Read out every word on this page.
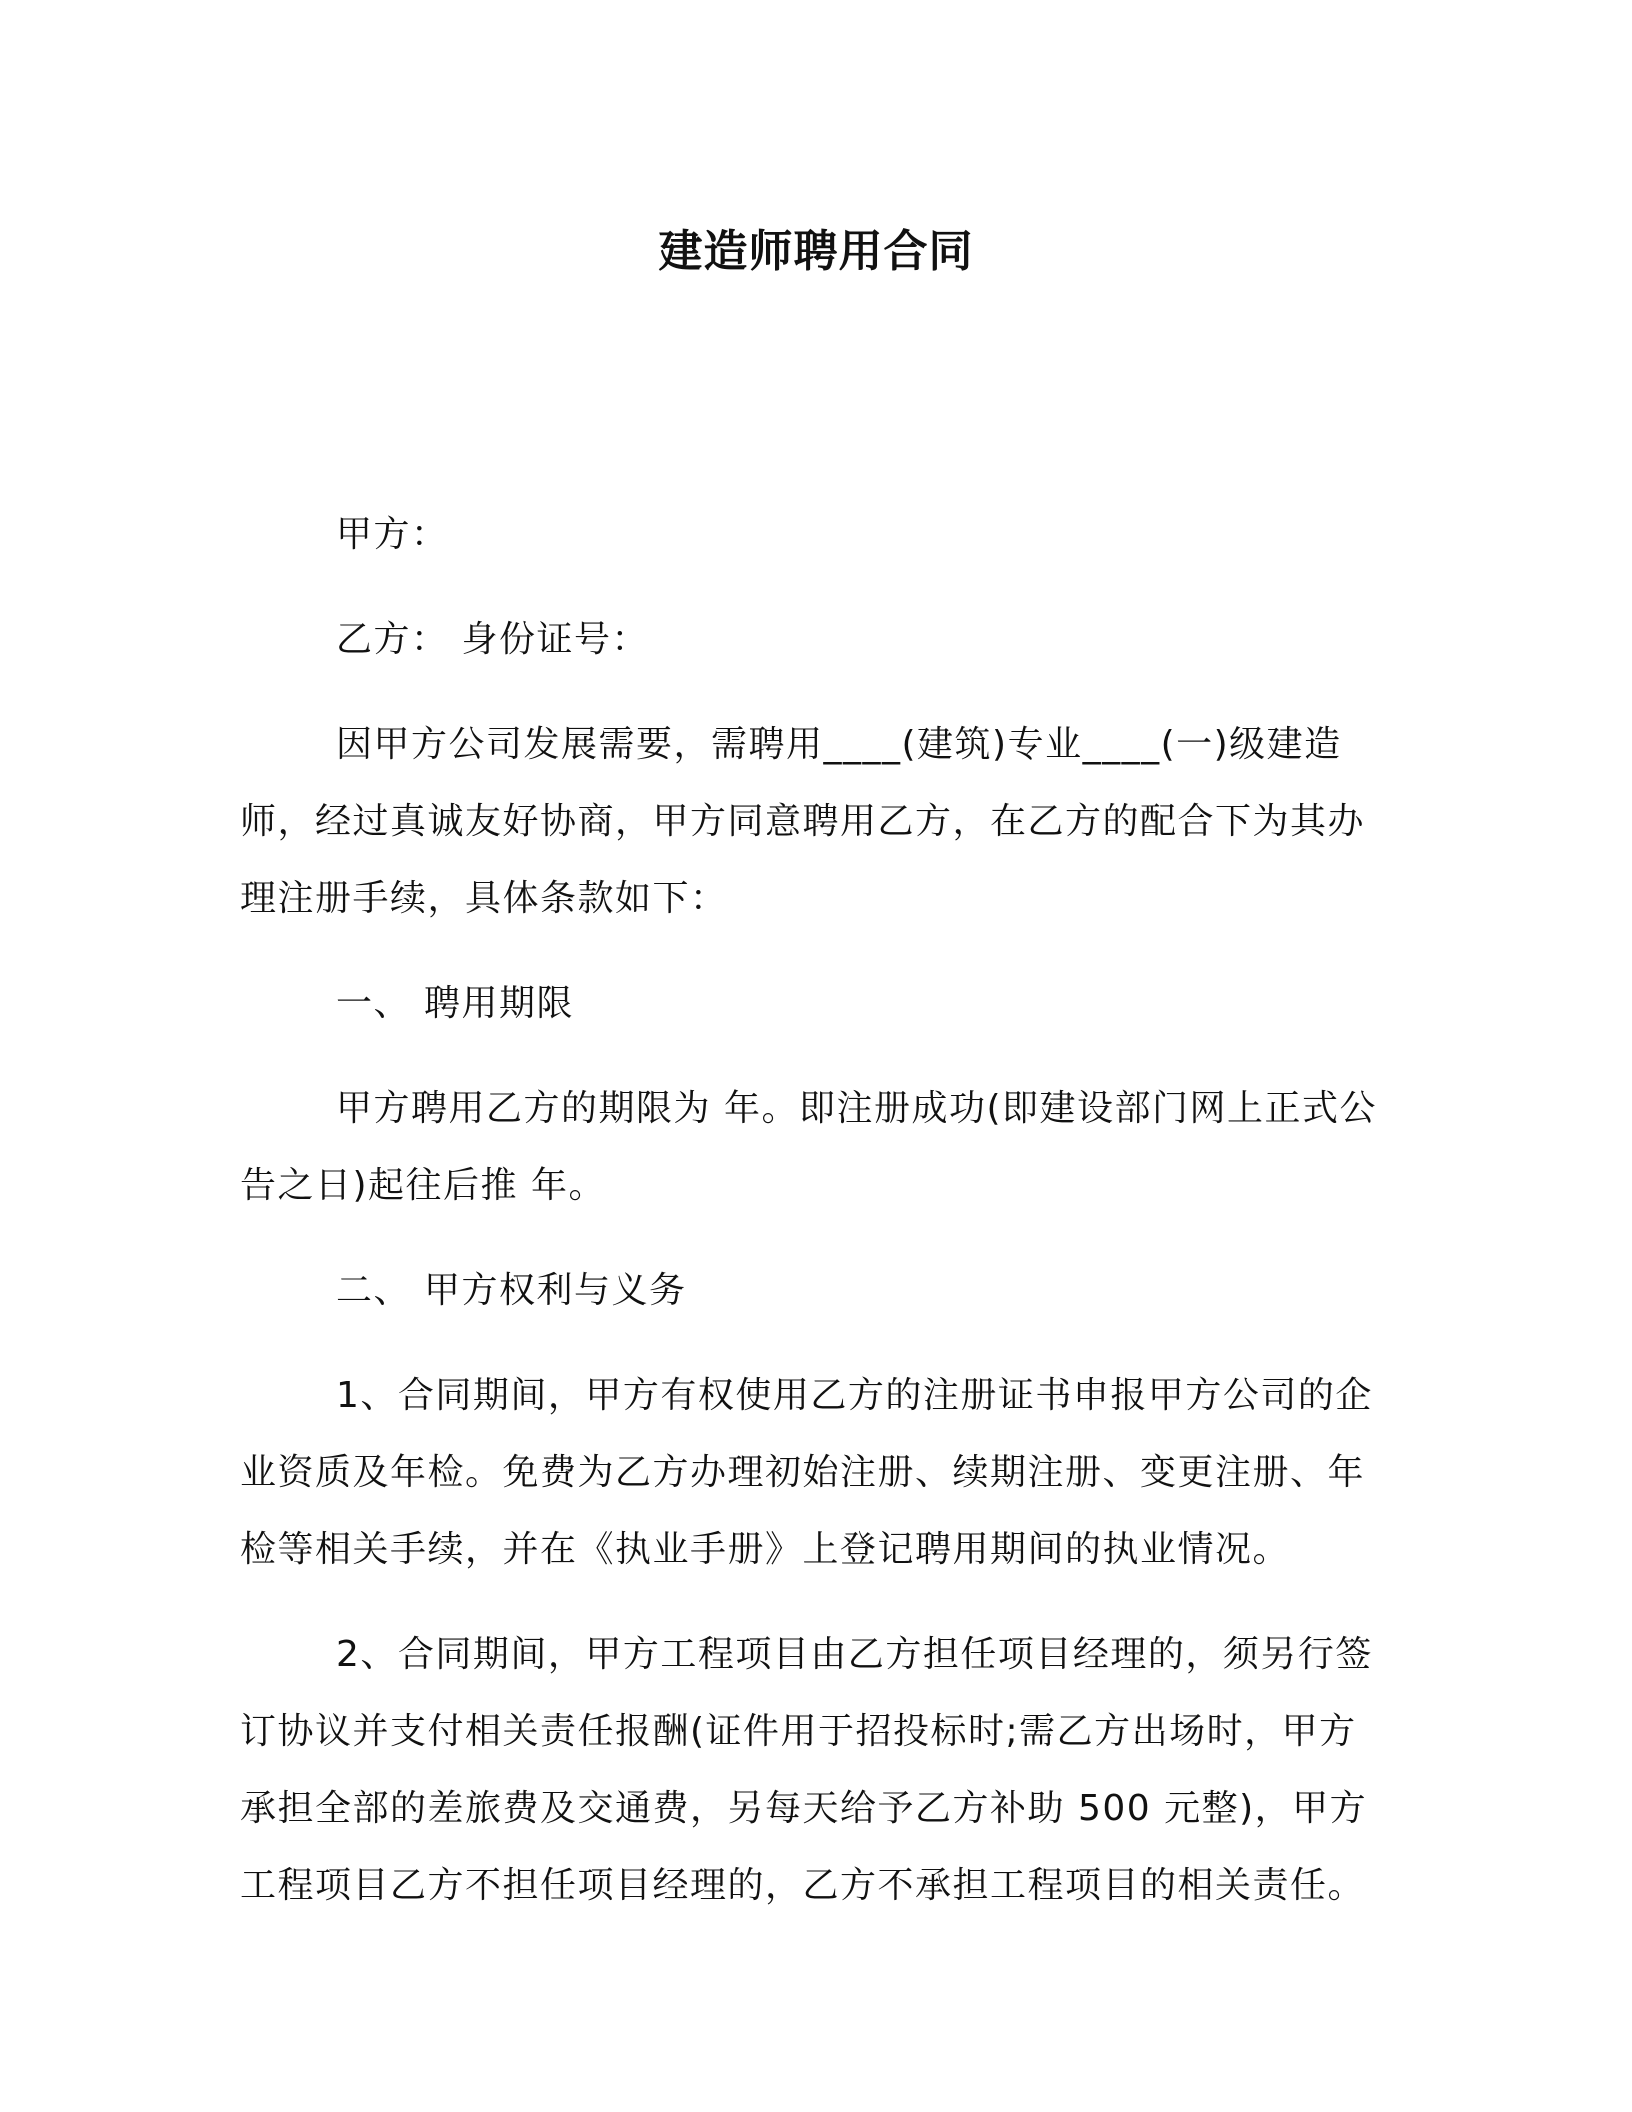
建造师聘用合同

甲方：

乙方： 身份证号：

因甲方公司发展需要，需聘用____(建筑)专业____(一)级建造师，经过真诚友好协商，甲方同意聘用乙方，在乙方的配合下为其办理注册手续，具体条款如下：

一、 聘用期限

甲方聘用乙方的期限为 年。即注册成功(即建设部门网上正式公告之日)起往后推 年。

二、 甲方权利与义务

1、合同期间，甲方有权使用乙方的注册证书申报甲方公司的企业资质及年检。免费为乙方办理初始注册、续期注册、变更注册、年检等相关手续，并在《执业手册》上登记聘用期间的执业情况。

2、合同期间，甲方工程项目由乙方担任项目经理的，须另行签订协议并支付相关责任报酬(证件用于招投标时;需乙方出场时，甲方承担全部的差旅费及交通费，另每天给予乙方补助 500 元整)，甲方工程项目乙方不担任项目经理的，乙方不承担工程项目的相关责任。
